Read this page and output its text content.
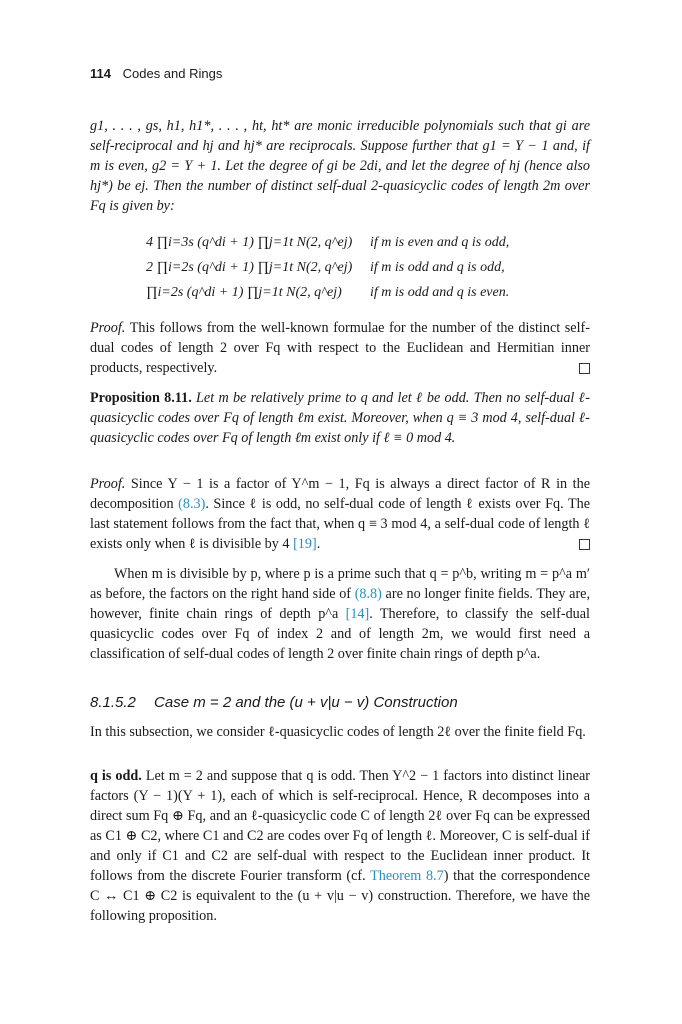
114 Codes and Rings
g1, . . . , gs, h1, h1*, . . . , ht, ht* are monic irreducible polynomials such that gi are self-reciprocal and hj and hj* are reciprocals. Suppose further that g1 = Y − 1 and, if m is even, g2 = Y + 1. Let the degree of gi be 2di, and let the degree of hj (hence also hj*) be ej. Then the number of distinct self-dual 2-quasicyclic codes of length 2m over Fq is given by:
4 ∏i=3s (q^di + 1) ∏j=1t N(2, q^ej)	if m is even and q is odd,
2 ∏i=2s (q^di + 1) ∏j=1t N(2, q^ej)	if m is odd and q is odd,
∏i=2s (q^di + 1) ∏j=1t N(2, q^ej)	if m is odd and q is even.
Proof. This follows from the well-known formulae for the number of the distinct self-dual codes of length 2 over Fq with respect to the Euclidean and Hermitian inner products, respectively.
Proposition 8.11. Let m be relatively prime to q and let ℓ be odd. Then no self-dual ℓ-quasicyclic codes over Fq of length ℓm exist. Moreover, when q ≡ 3 mod 4, self-dual ℓ-quasicyclic codes over Fq of length ℓm exist only if ℓ ≡ 0 mod 4.
Proof. Since Y − 1 is a factor of Y^m − 1, Fq is always a direct factor of R in the decomposition (8.3). Since ℓ is odd, no self-dual code of length ℓ exists over Fq. The last statement follows from the fact that, when q ≡ 3 mod 4, a self-dual code of length ℓ exists only when ℓ is divisible by 4 [19].
When m is divisible by p, where p is a prime such that q = p^b, writing m = p^a m′ as before, the factors on the right hand side of (8.8) are no longer finite fields. They are, however, finite chain rings of depth p^a [14]. Therefore, to classify the self-dual quasicyclic codes over Fq of index 2 and of length 2m, we would first need a classification of self-dual codes of length 2 over finite chain rings of depth p^a.
8.1.5.2 Case m = 2 and the (u + v|u − v) Construction
In this subsection, we consider ℓ-quasicyclic codes of length 2ℓ over the finite field Fq.
q is odd. Let m = 2 and suppose that q is odd. Then Y^2 − 1 factors into distinct linear factors (Y − 1)(Y + 1), each of which is self-reciprocal. Hence, R decomposes into a direct sum Fq ⊕ Fq, and an ℓ-quasicyclic code C of length 2ℓ over Fq can be expressed as C1 ⊕ C2, where C1 and C2 are codes over Fq of length ℓ. Moreover, C is self-dual if and only if C1 and C2 are self-dual with respect to the Euclidean inner product. It follows from the discrete Fourier transform (cf. Theorem 8.7) that the correspondence C ↔ C1 ⊕ C2 is equivalent to the (u + v|u − v) construction. Therefore, we have the following proposition.
